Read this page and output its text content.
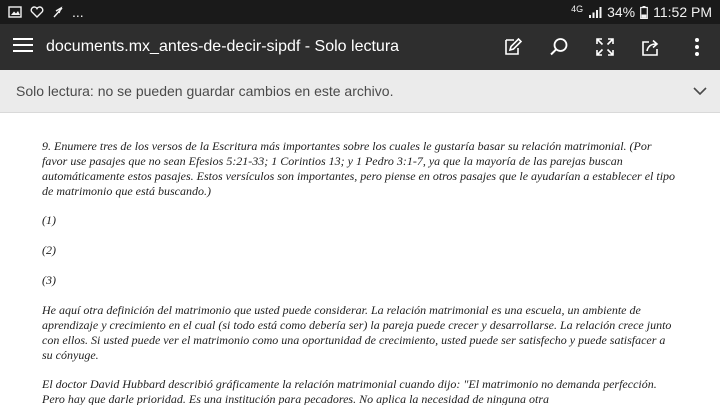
...	4G 34% 11:52 PM
documents.mx_antes-de-decir-sipdf - Solo lectura
Solo lectura: no se pueden guardar cambios en este archivo.

9. Enumere tres de los versos de la Escritura más importantes sobre los cuales le gustaría basar su relación matrimonial. (Por favor use pasajes que no sean Efesios 5:21-33; 1 Corintios 13; y 1 Pedro 3:1-7, ya que la mayoría de las parejas buscan automáticamente estos pasajes. Estos versículos son importantes, pero piense en otros pasajes que le ayudarían a establecer el tipo de matrimonio que está buscando.)

(1)

(2)

(3)

He aquí otra definición del matrimonio que usted puede considerar. La relación matrimonial es una escuela, un ambiente de aprendizaje y crecimiento en el cual (si todo está como debería ser) la pareja puede crecer y desarrollarse. La relación crece junto con ellos. Si usted puede ver el matrimonio como una oportunidad de crecimiento, usted puede ser satisfecho y puede satisfacer a su cónyuge.

El doctor David Hubbard describió gráficamente la relación matrimonial cuando dijo: "El matrimonio no demanda perfección. Pero hay que darle prioridad. Es una institución para pecadores. No aplica la necesidad de ninguna otra
